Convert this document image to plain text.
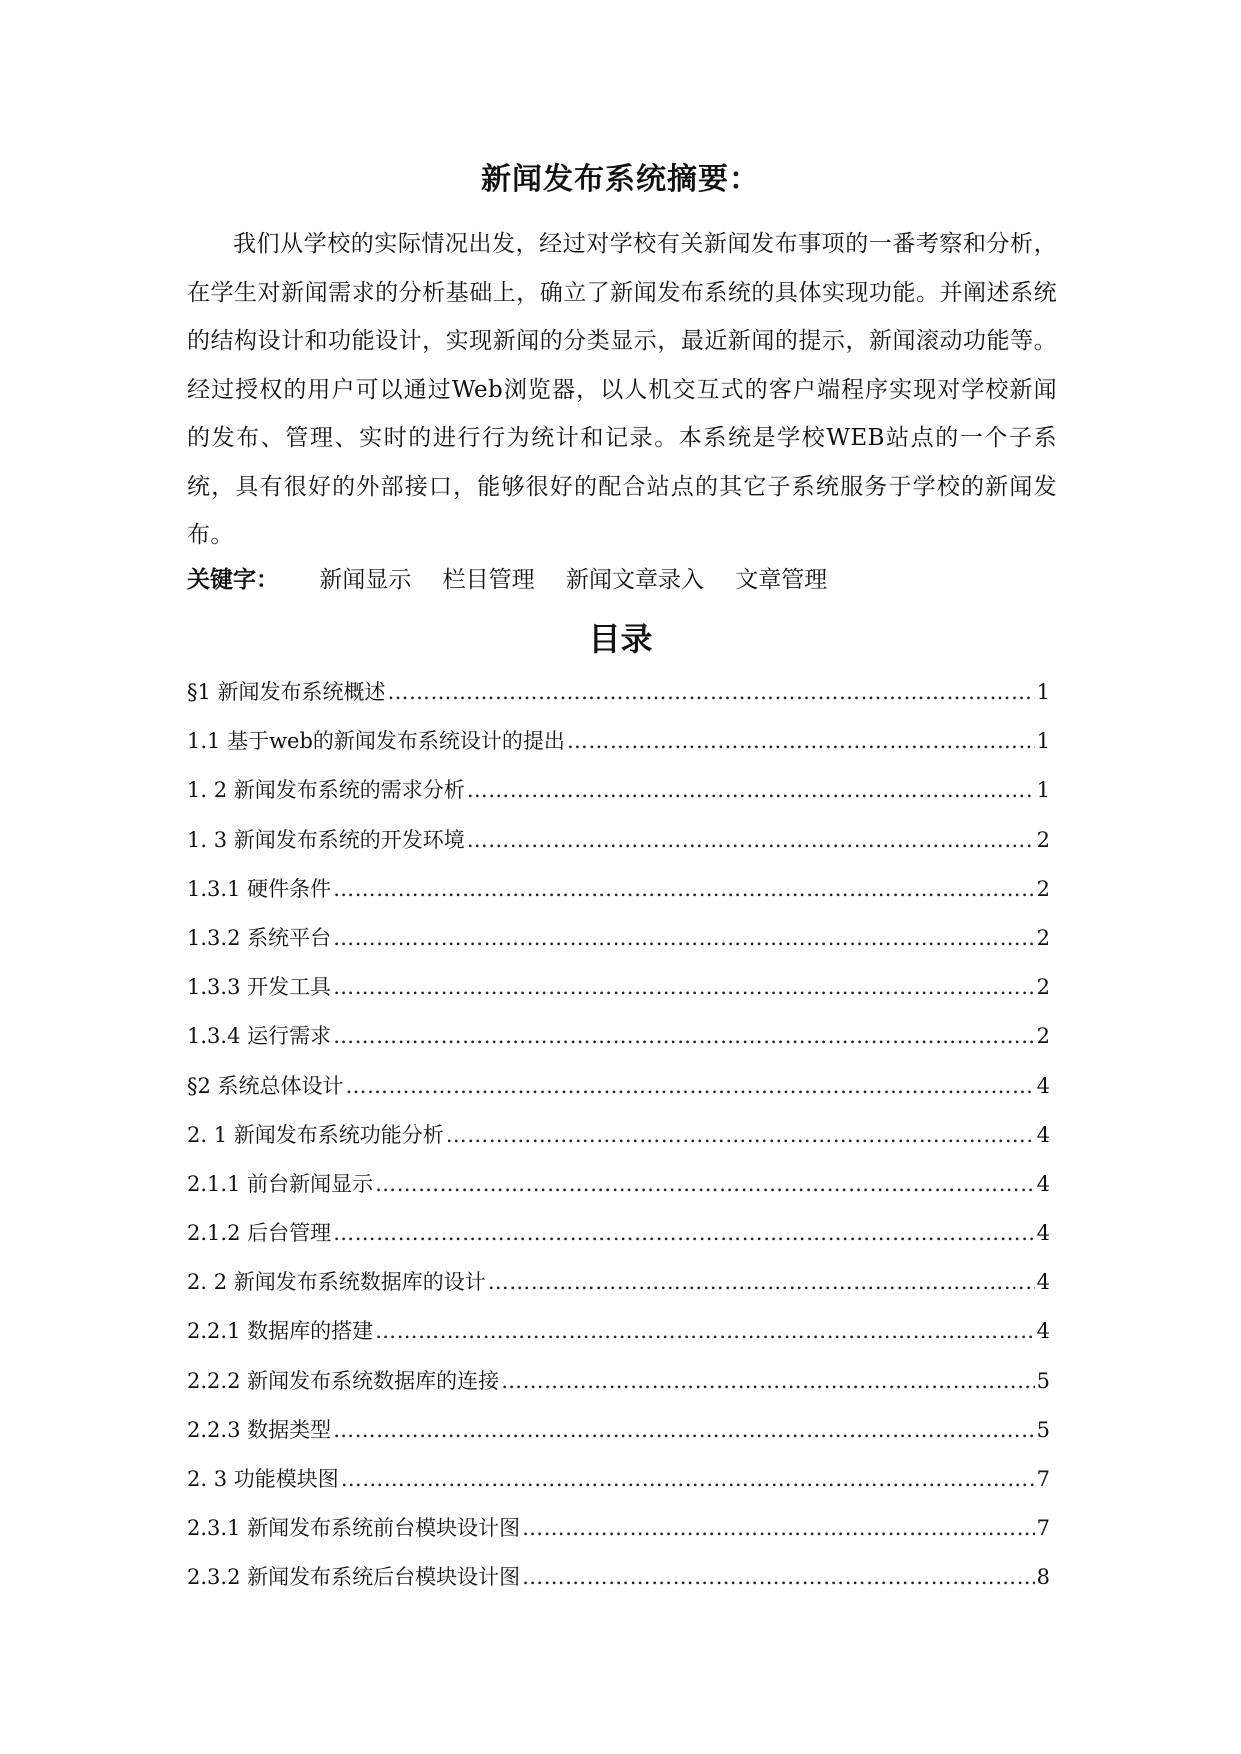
新闻发布系统摘要：

我们从学校的实际情况出发，经过对学校有关新闻发布事项的一番考察和分析，在学生对新闻需求的分析基础上，确立了新闻发布系统的具体实现功能。并阐述系统的结构设计和功能设计，实现新闻的分类显示，最近新闻的提示，新闻滚动功能等。经过授权的用户可以通过Web浏览器，以人机交互式的客户端程序实现对学校新闻的发布、管理、实时的进行行为统计和记录。本系统是学校WEB站点的一个子系统，具有很好的外部接口，能够很好的配合站点的其它子系统服务于学校的新闻发布。

关键字： 新闻显示 栏目管理 新闻文章录入 文章管理
目录
§1 新闻发布系统概述 ……………………………………………………………………………………………………………………………………………………………………………………………	1
1.1 基于web的新闻发布系统设计的提出 ……………………………………………………………………………………………………………………………………………………………………………………………	1
1. 2 新闻发布系统的需求分析 ……………………………………………………………………………………………………………………………………………………………………………………………	1
1. 3 新闻发布系统的开发环境 ……………………………………………………………………………………………………………………………………………………………………………………………	2
1.3.1 硬件条件 ……………………………………………………………………………………………………………………………………………………………………………………………	2
1.3.2 系统平台 ……………………………………………………………………………………………………………………………………………………………………………………………	2
1.3.3 开发工具 ……………………………………………………………………………………………………………………………………………………………………………………………	2
1.3.4 运行需求 ……………………………………………………………………………………………………………………………………………………………………………………………	2
§2 系统总体设计 ……………………………………………………………………………………………………………………………………………………………………………………………	4
2. 1 新闻发布系统功能分析 ……………………………………………………………………………………………………………………………………………………………………………………………	4
2.1.1 前台新闻显示 ……………………………………………………………………………………………………………………………………………………………………………………………	4
2.1.2 后台管理 ……………………………………………………………………………………………………………………………………………………………………………………………	4
2. 2 新闻发布系统数据库的设计 ……………………………………………………………………………………………………………………………………………………………………………………………	4
2.2.1 数据库的搭建 ……………………………………………………………………………………………………………………………………………………………………………………………	4
2.2.2 新闻发布系统数据库的连接 ……………………………………………………………………………………………………………………………………………………………………………………………	5
2.2.3 数据类型 ……………………………………………………………………………………………………………………………………………………………………………………………	5
2. 3 功能模块图 ……………………………………………………………………………………………………………………………………………………………………………………………	7
2.3.1 新闻发布系统前台模块设计图 ……………………………………………………………………………………………………………………………………………………………………………………………	7
2.3.2 新闻发布系统后台模块设计图 ……………………………………………………………………………………………………………………………………………………………………………………………	8
